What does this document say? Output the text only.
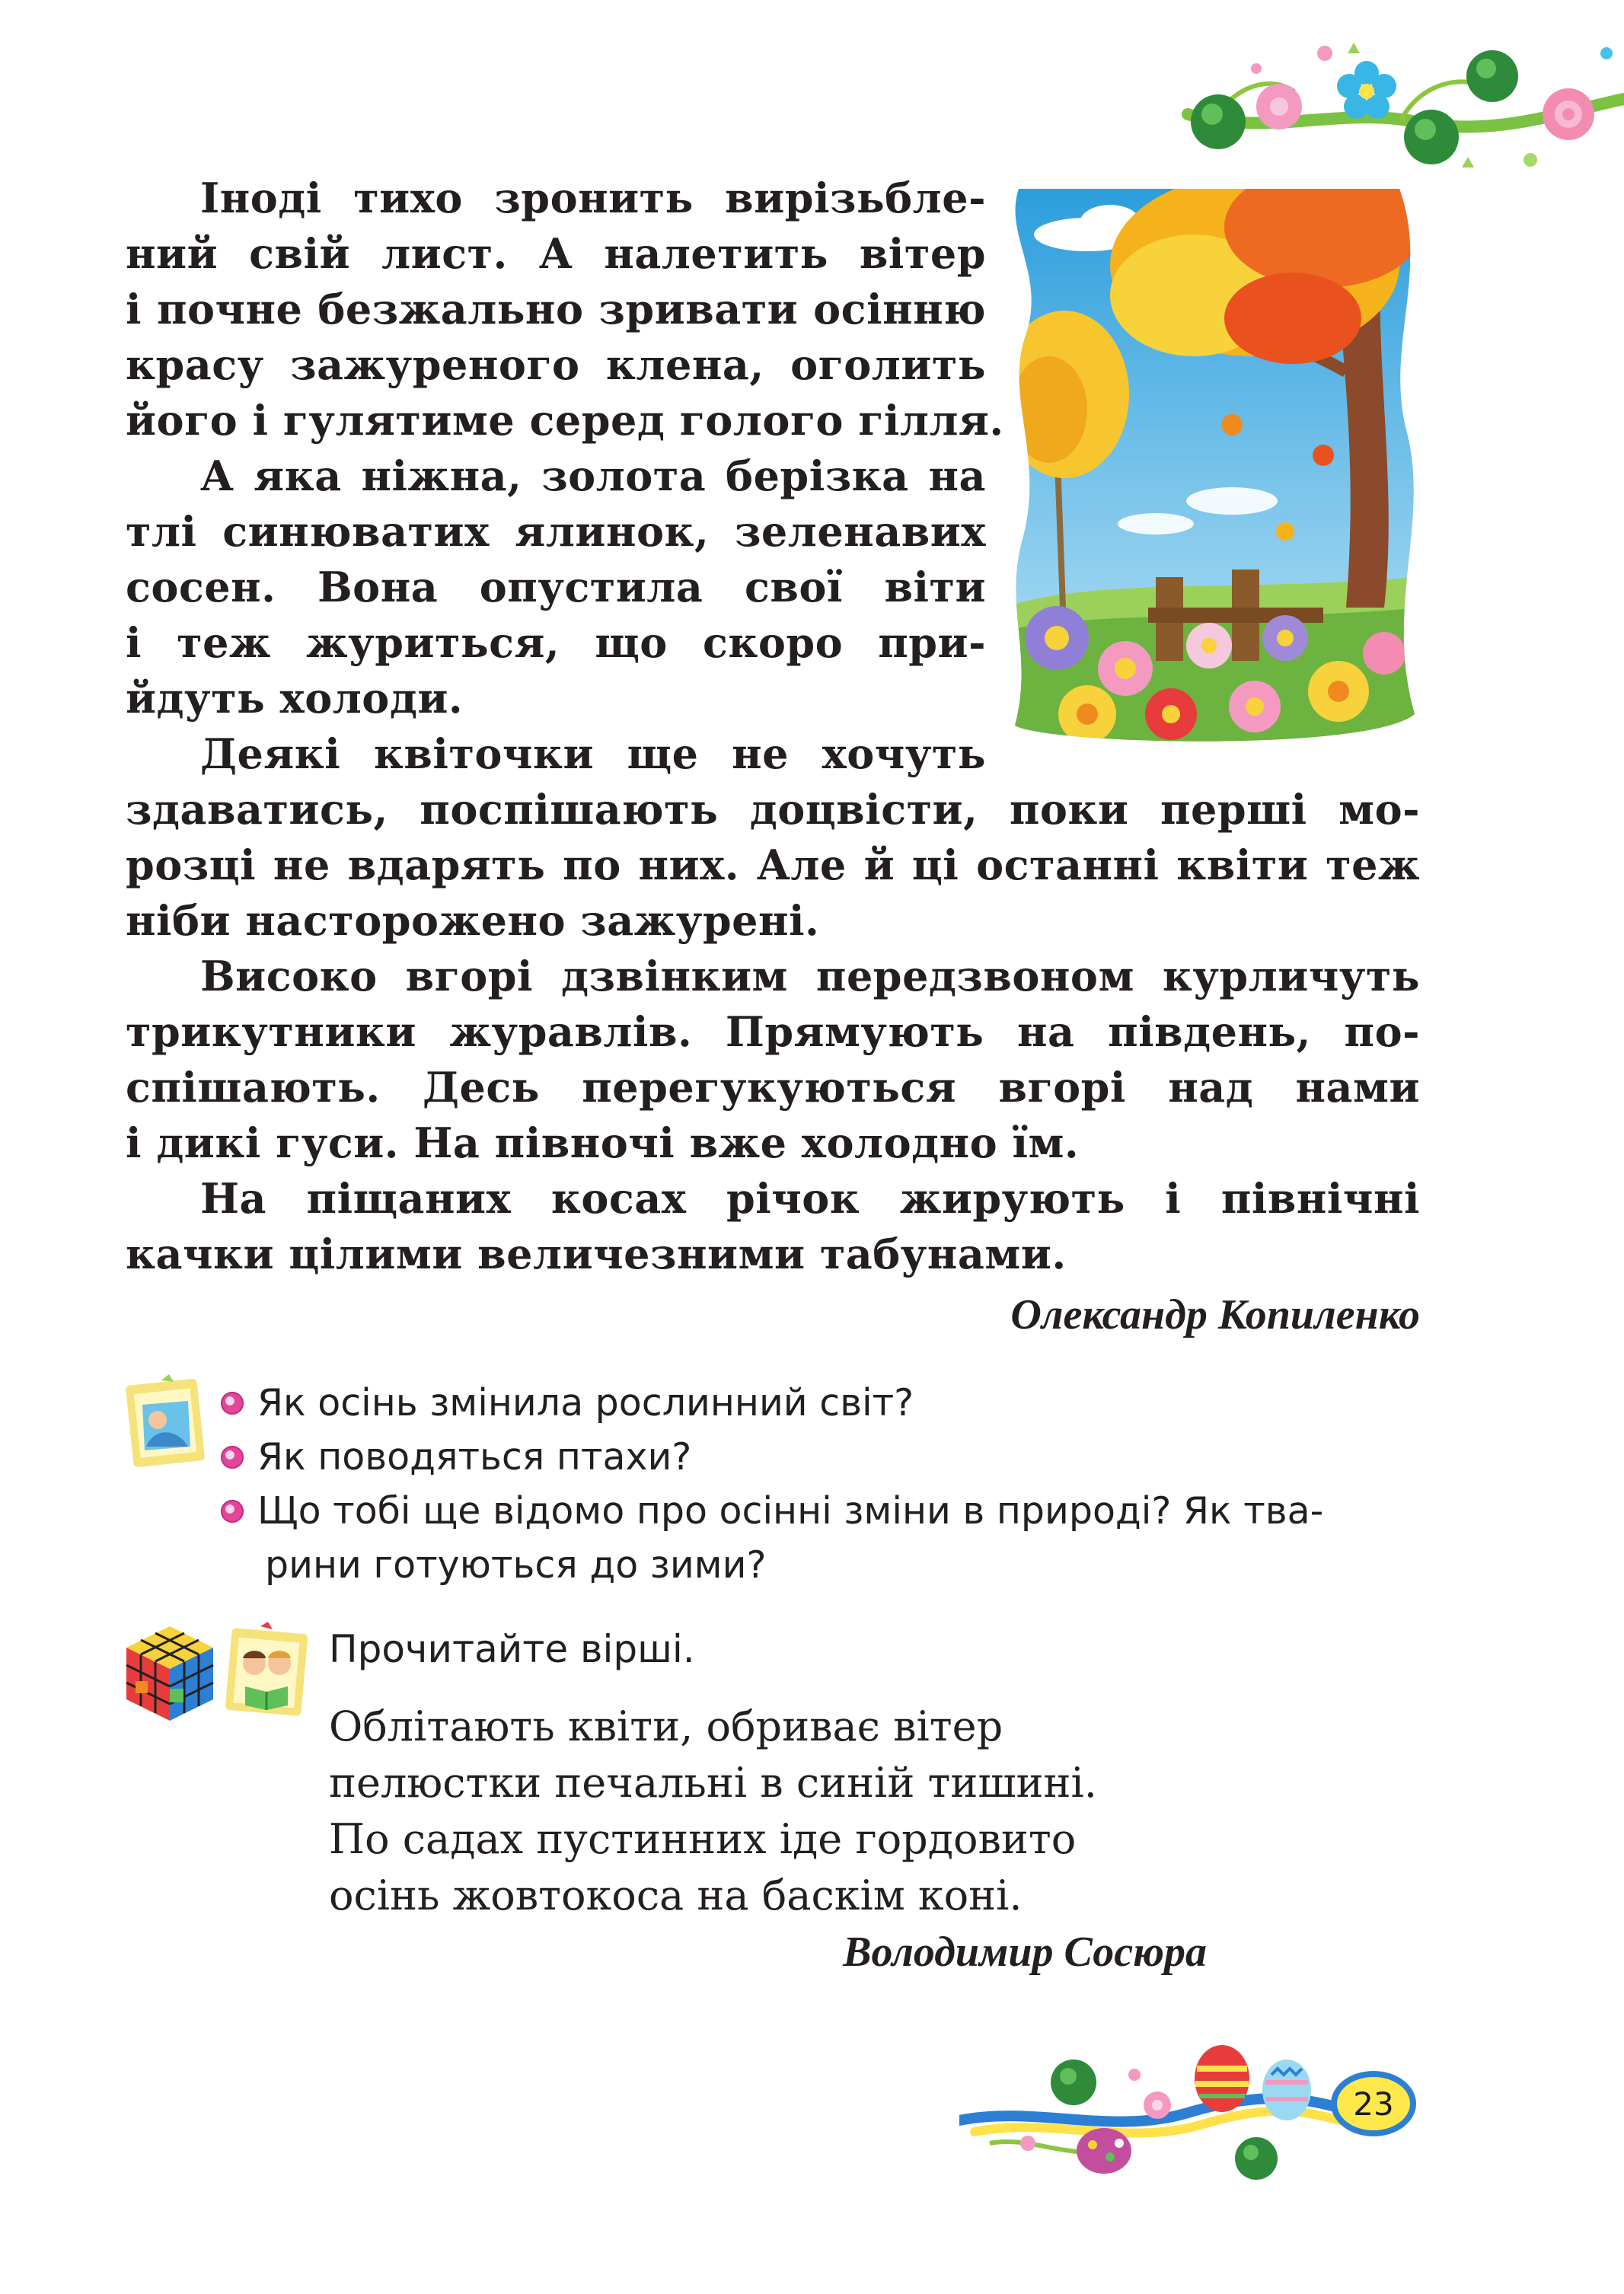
Іноді тихо зронить вирізьбле-
ний свій лист. А налетить вітер
і почне безжально зривати осінню
красу зажуреного клена, оголить
його і гулятиме серед голого гілля.
А яка ніжна, золота берізка на
тлі синюватих ялинок, зеленавих
сосен. Вона опустила свої віти
і теж журиться, що скоро при-
йдуть холоди.
Деякі квіточки ще не хочуть
здаватись, поспішають доцвісти, поки перші мо-
розці не вдарять по них. Але й ці останні квіти теж
ніби насторожено зажурені.
Високо вгорі дзвінким передзвоном курличуть
трикутники журавлів. Прямують на південь, по-
спішають. Десь перегукуються вгорі над нами
і дикі гуси. На півночі вже холодно їм.
На піщаних косах річок жирують і північні
качки цілими величезними табунами.
Олександр Копиленко
Як осінь змінила рослинний світ?
Як поводяться птахи?
Що тобі ще відомо про осінні зміни в природі? Як тва-
рини готуються до зими?
Прочитайте вірші.
Облітають квіти, обриває вітер
пелюстки печальні в синій тишині.
По садах пустинних іде гордовито
осінь жовтокоса на баскім коні.
Володимир Сосюра
23
